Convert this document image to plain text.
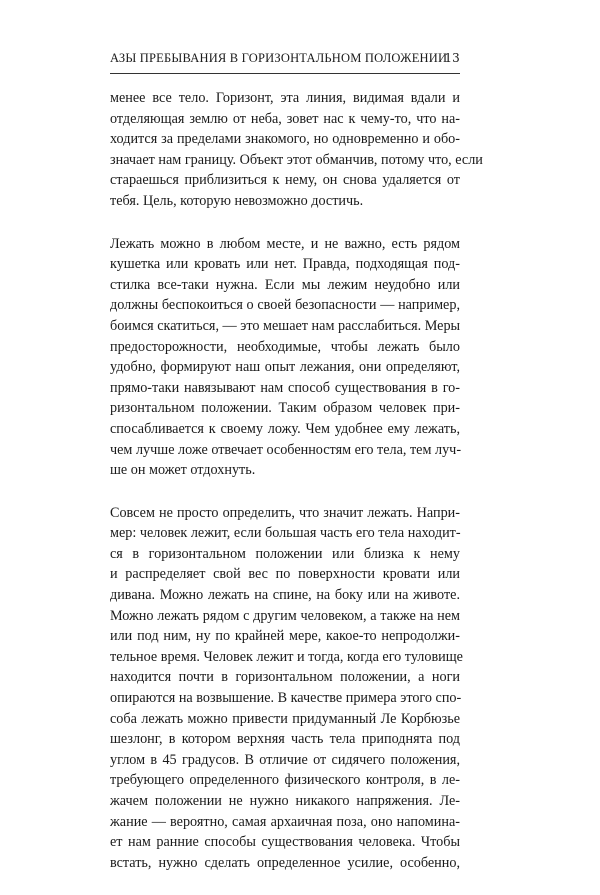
АЗЫ ПРЕБЫВАНИЯ В ГОРИЗОНТАЛЬНОМ ПОЛОЖЕНИИ
13
менее все тело. Горизонт, эта линия, видимая вдали и
отделяющая землю от неба, зовет нас к чему-то, что на-
ходится за пределами знакомого, но одновременно и обо-
значает нам границу. Объект этот обманчив, потому что, если
стараешься приблизиться к нему, он снова удаляется от
тебя. Цель, которую невозможно достичь.
Лежать можно в любом месте, и не важно, есть рядом
кушетка или кровать или нет. Правда, подходящая под-
стилка все-таки нужна. Если мы лежим неудобно или
должны беспокоиться о своей безопасности — например,
боимся скатиться, — это мешает нам расслабиться. Меры
предосторожности, необходимые, чтобы лежать было
удобно, формируют наш опыт лежания, они определяют,
прямо-таки навязывают нам способ существования в го-
ризонтальном положении. Таким образом человек при-
спосабливается к своему ложу. Чем удобнее ему лежать,
чем лучше ложе отвечает особенностям его тела, тем луч-
ше он может отдохнуть.
Совсем не просто определить, что значит лежать. Напри-
мер: человек лежит, если большая часть его тела находит-
ся в горизонтальном положении или близка к нему
и распределяет свой вес по поверхности кровати или
дивана. Можно лежать на спине, на боку или на животе.
Можно лежать рядом с другим человеком, а также на нем
или под ним, ну по крайней мере, какое-то непродолжи-
тельное время. Человек лежит и тогда, когда его туловище
находится почти в горизонтальном положении, а ноги
опираются на возвышение. В качестве примера этого спо-
соба лежать можно привести придуманный Ле Корбюзье
шезлонг, в котором верхняя часть тела приподнята под
углом в 45 градусов. В отличие от сидячего положения,
требующего определенного физического контроля, в ле-
жачем положении не нужно никакого напряжения. Ле-
жание — вероятно, самая архаичная поза, оно напомина-
ет нам ранние способы существования человека. Чтобы
встать, нужно сделать определенное усилие, особенно,
